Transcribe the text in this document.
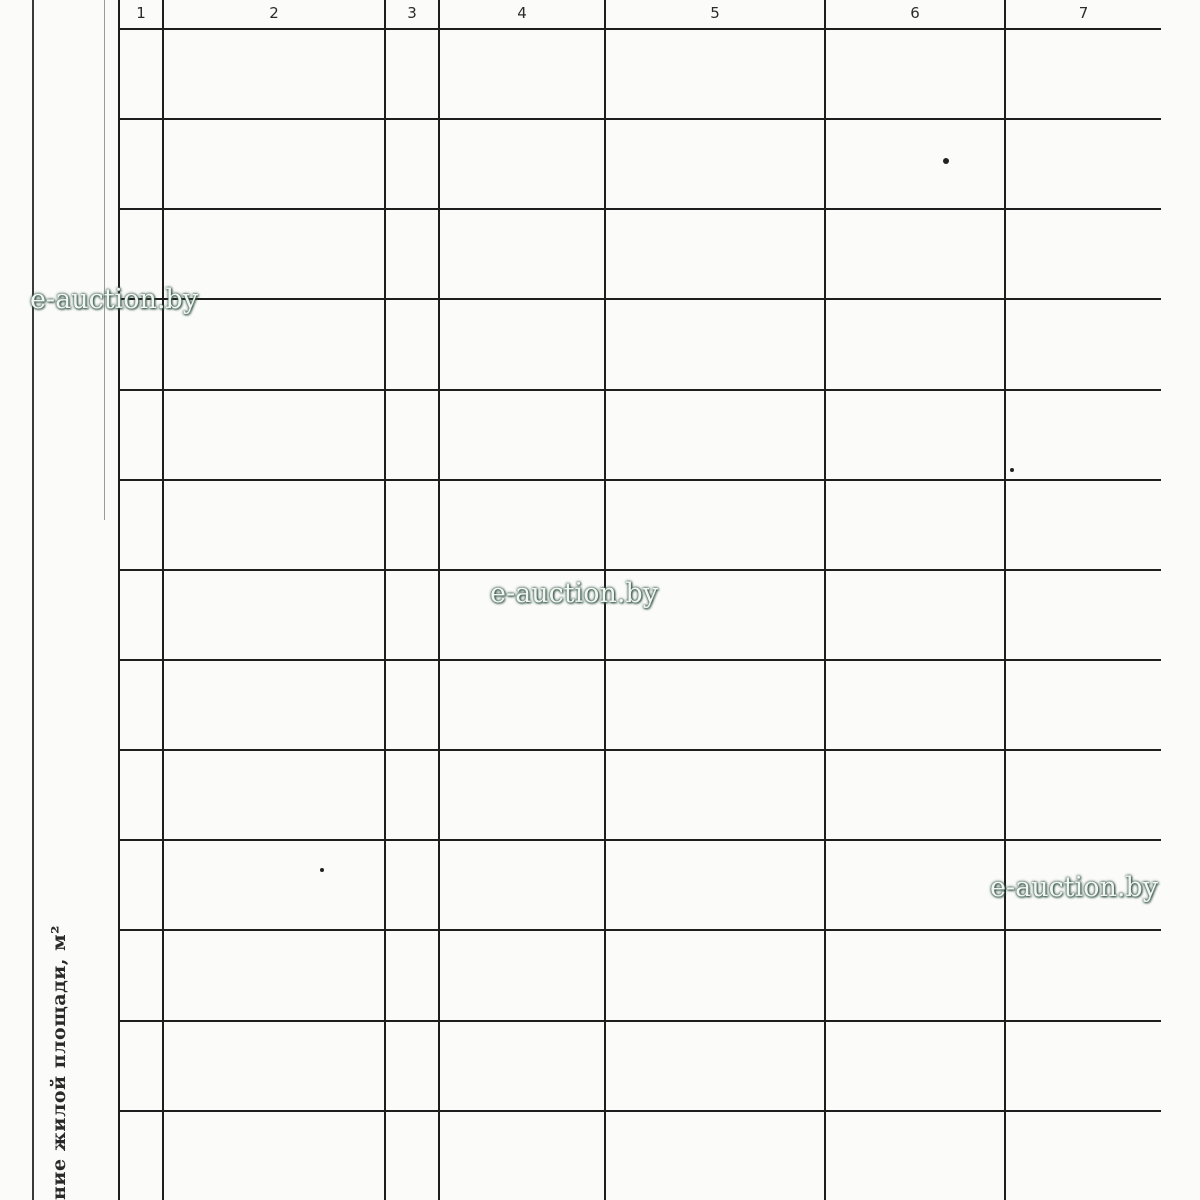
ние жилой площади, м²
1	2	3	4	5	6	7

e-auction.by
e-auction.by
e-auction.by
